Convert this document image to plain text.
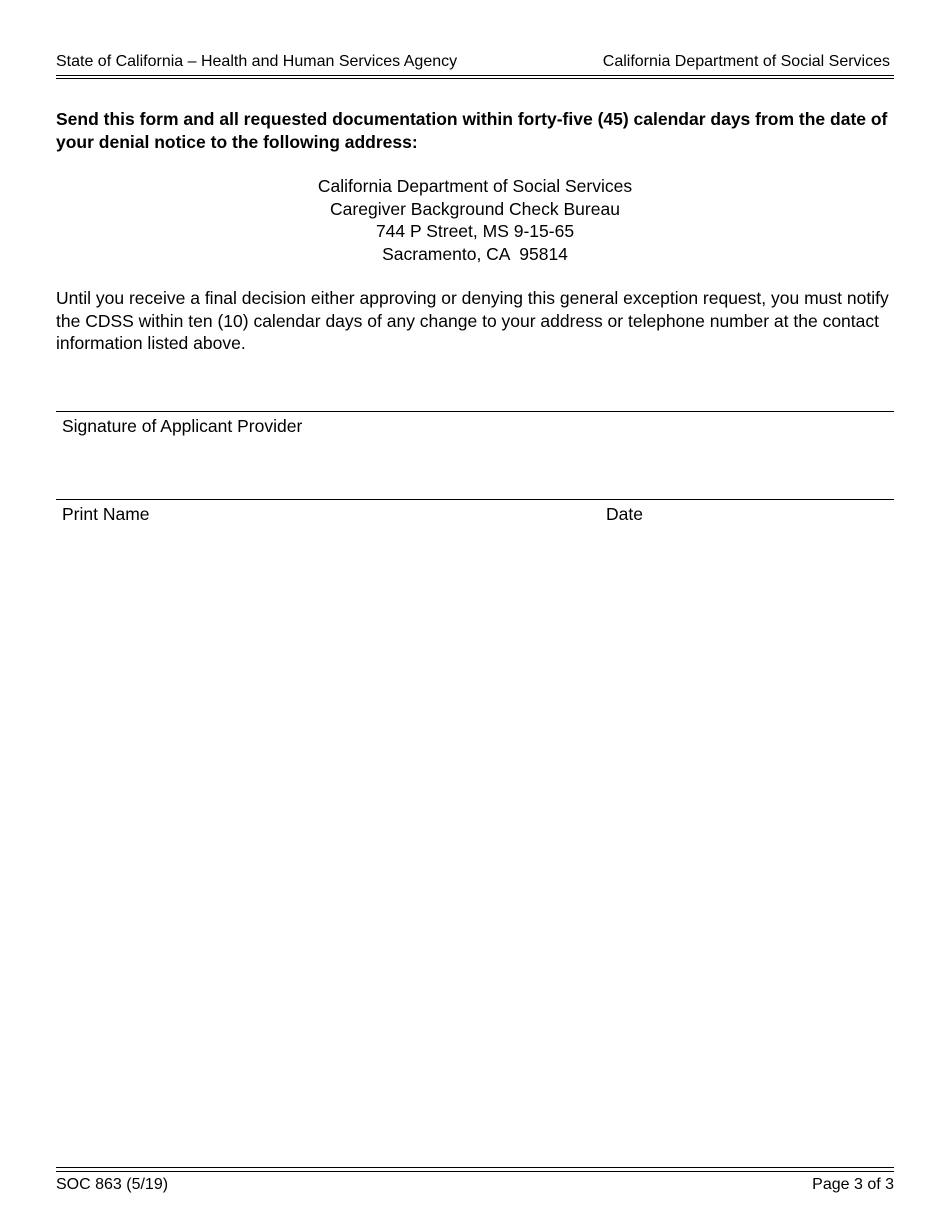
State of California – Health and Human Services Agency	California Department of Social Services
Send this form and all requested documentation within forty-five (45) calendar days from the date of your denial notice to the following address:
California Department of Social Services
Caregiver Background Check Bureau
744 P Street, MS 9-15-65
Sacramento, CA  95814
Until you receive a final decision either approving or denying this general exception request, you must notify the CDSS within ten (10) calendar days of any change to your address or telephone number at the contact information listed above.
Signature of Applicant Provider
Print Name	Date
SOC 863 (5/19)	Page 3 of 3
